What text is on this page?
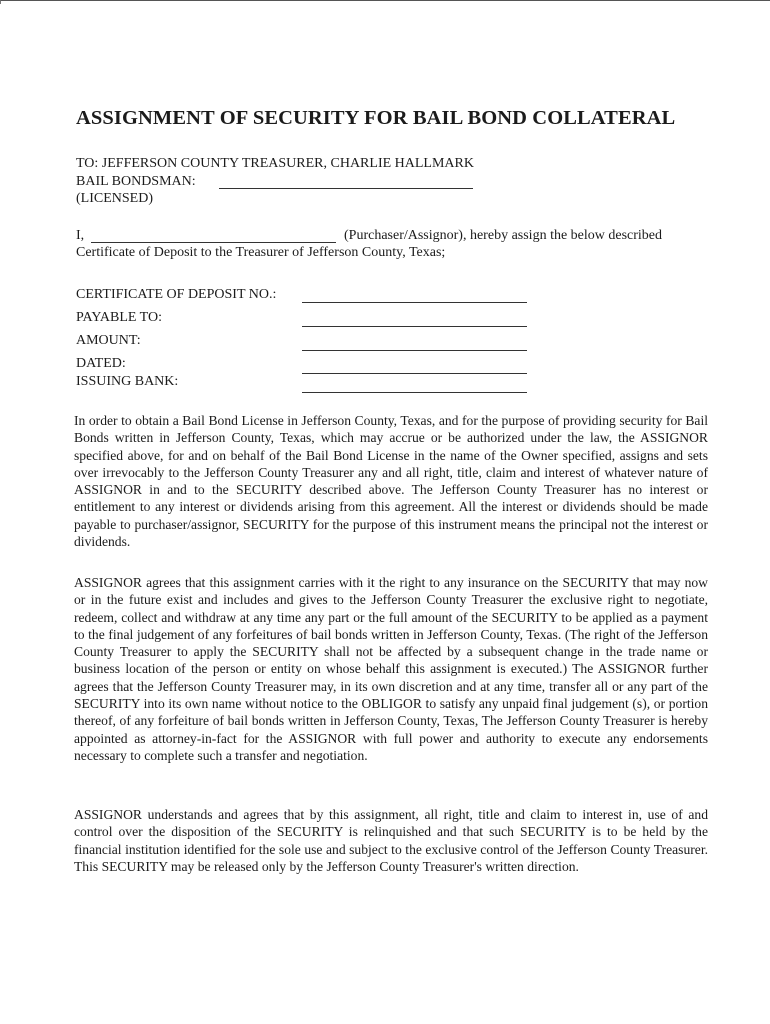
ASSIGNMENT OF SECURITY FOR BAIL BOND COLLATERAL
TO: JEFFERSON COUNTY TREASURER, CHARLIE HALLMARK
BAIL BONDSMAN:
(LICENSED)
I,	(Purchaser/Assignor), hereby assign the below described
Certificate of Deposit to the Treasurer of Jefferson County, Texas;
CERTIFICATE OF DEPOSIT NO.:
PAYABLE TO:
AMOUNT:
DATED:
ISSUING BANK:

In order to obtain a Bail Bond License in Jefferson County, Texas, and for the purpose of providing security for Bail Bonds written in Jefferson County, Texas, which may accrue or be authorized under the law, the ASSIGNOR specified above, for and on behalf of the Bail Bond License in the name of the Owner specified, assigns and sets over irrevocably to the Jefferson County Treasurer any and all right, title, claim and interest of whatever nature of ASSIGNOR in and to the SECURITY described above. The Jefferson County Treasurer has no interest or entitlement to any interest or dividends arising from this agreement. All the interest or dividends should be made payable to purchaser/assignor, SECURITY for the purpose of this instrument means the principal not the interest or dividends.

ASSIGNOR agrees that this assignment carries with it the right to any insurance on the SECURITY that may now or in the future exist and includes and gives to the Jefferson County Treasurer the exclusive right to negotiate, redeem, collect and withdraw at any time any part or the full amount of the SECURITY to be applied as a payment to the final judgement of any forfeitures of bail bonds written in Jefferson County, Texas. (The right of the Jefferson County Treasurer to apply the SECURITY shall not be affected by a subsequent change in the trade name or business location of the person or entity on whose behalf this assignment is executed.) The ASSIGNOR further agrees that the Jefferson County Treasurer may, in its own discretion and at any time, transfer all or any part of the SECURITY into its own name without notice to the OBLIGOR to satisfy any unpaid final judgement (s), or portion thereof, of any forfeiture of bail bonds written in Jefferson County, Texas, The Jefferson County Treasurer is hereby appointed as attorney-in-fact for the ASSIGNOR with full power and authority to execute any endorsements necessary to complete such a transfer and negotiation.

ASSIGNOR understands and agrees that by this assignment, all right, title and claim to interest in, use of and control over the disposition of the SECURITY is relinquished and that such SECURITY is to be held by the financial institution identified for the sole use and subject to the exclusive control of the Jefferson County Treasurer. This SECURITY may be released only by the Jefferson County Treasurer's written direction.
